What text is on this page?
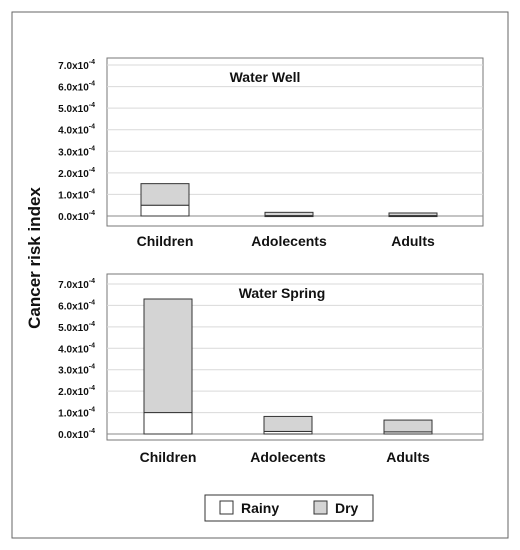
Cancer risk index
Water Well
$0.0x10^{-4}$
$1.0x10^{-4}$
$2.0x10^{-4}$
$3.0x10^{-4}$
$4.0x10^{-4}$
$5.0x10^{-4}$
$6.0x10^{-4}$
$7.0x10^{-4}$
Children	Adolecents	Adults
Water Spring
$0.0x10^{-4}$
$1.0x10^{-4}$
$2.0x10^{-4}$
$3.0x10^{-4}$
$4.0x10^{-4}$
$5.0x10^{-4}$
$6.0x10^{-4}$
$7.0x10^{-4}$
Children	Adolecents	Adults
Rainy	Dry
